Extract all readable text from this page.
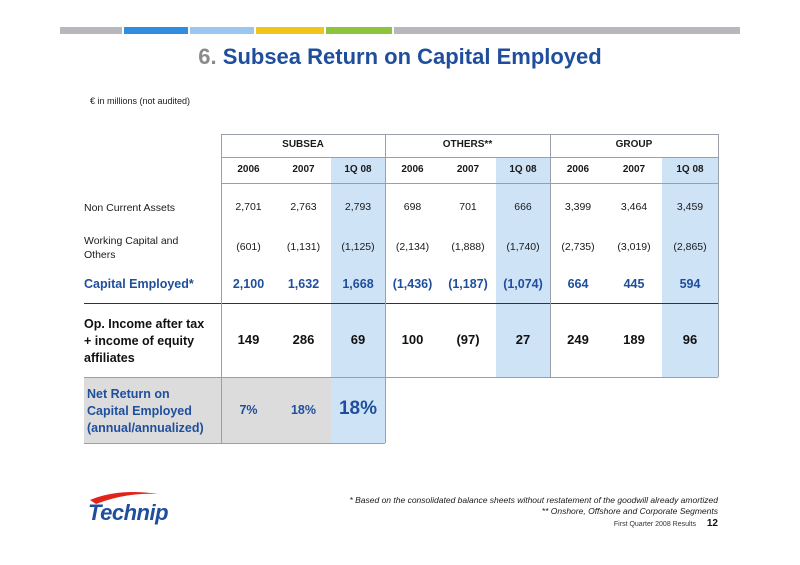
6. Subsea Return on Capital Employed
€ in millions (not audited)
SUBSEA	OTHERS**	GROUP
2006	2007	1Q 08	2006	2007	1Q 08	2006	2007	1Q 08
Non Current Assets	2,701	2,763	2,793	698	701	666	3,399	3,464	3,459
Working Capital and
Others
(601)	(1,131)	(1,125)	(2,134)	(1,888)	(1,740)	(2,735)	(3,019)	(2,865)
Capital Employed*	2,100	1,632	1,668	(1,436)	(1,187)	(1,074)	664	445	594
Op. Income after tax
+ income of equity
affiliates
149	286	69	100	(97)	27	249	189	96
Net Return on
Capital Employed
(annual/annualized)
7%	18%	18%
Technip	* Based on the consolidated balance sheets without restatement of the goodwill already amortized
** Onshore, Offshore and Corporate Segments
First Quarter 2008 Results 12
